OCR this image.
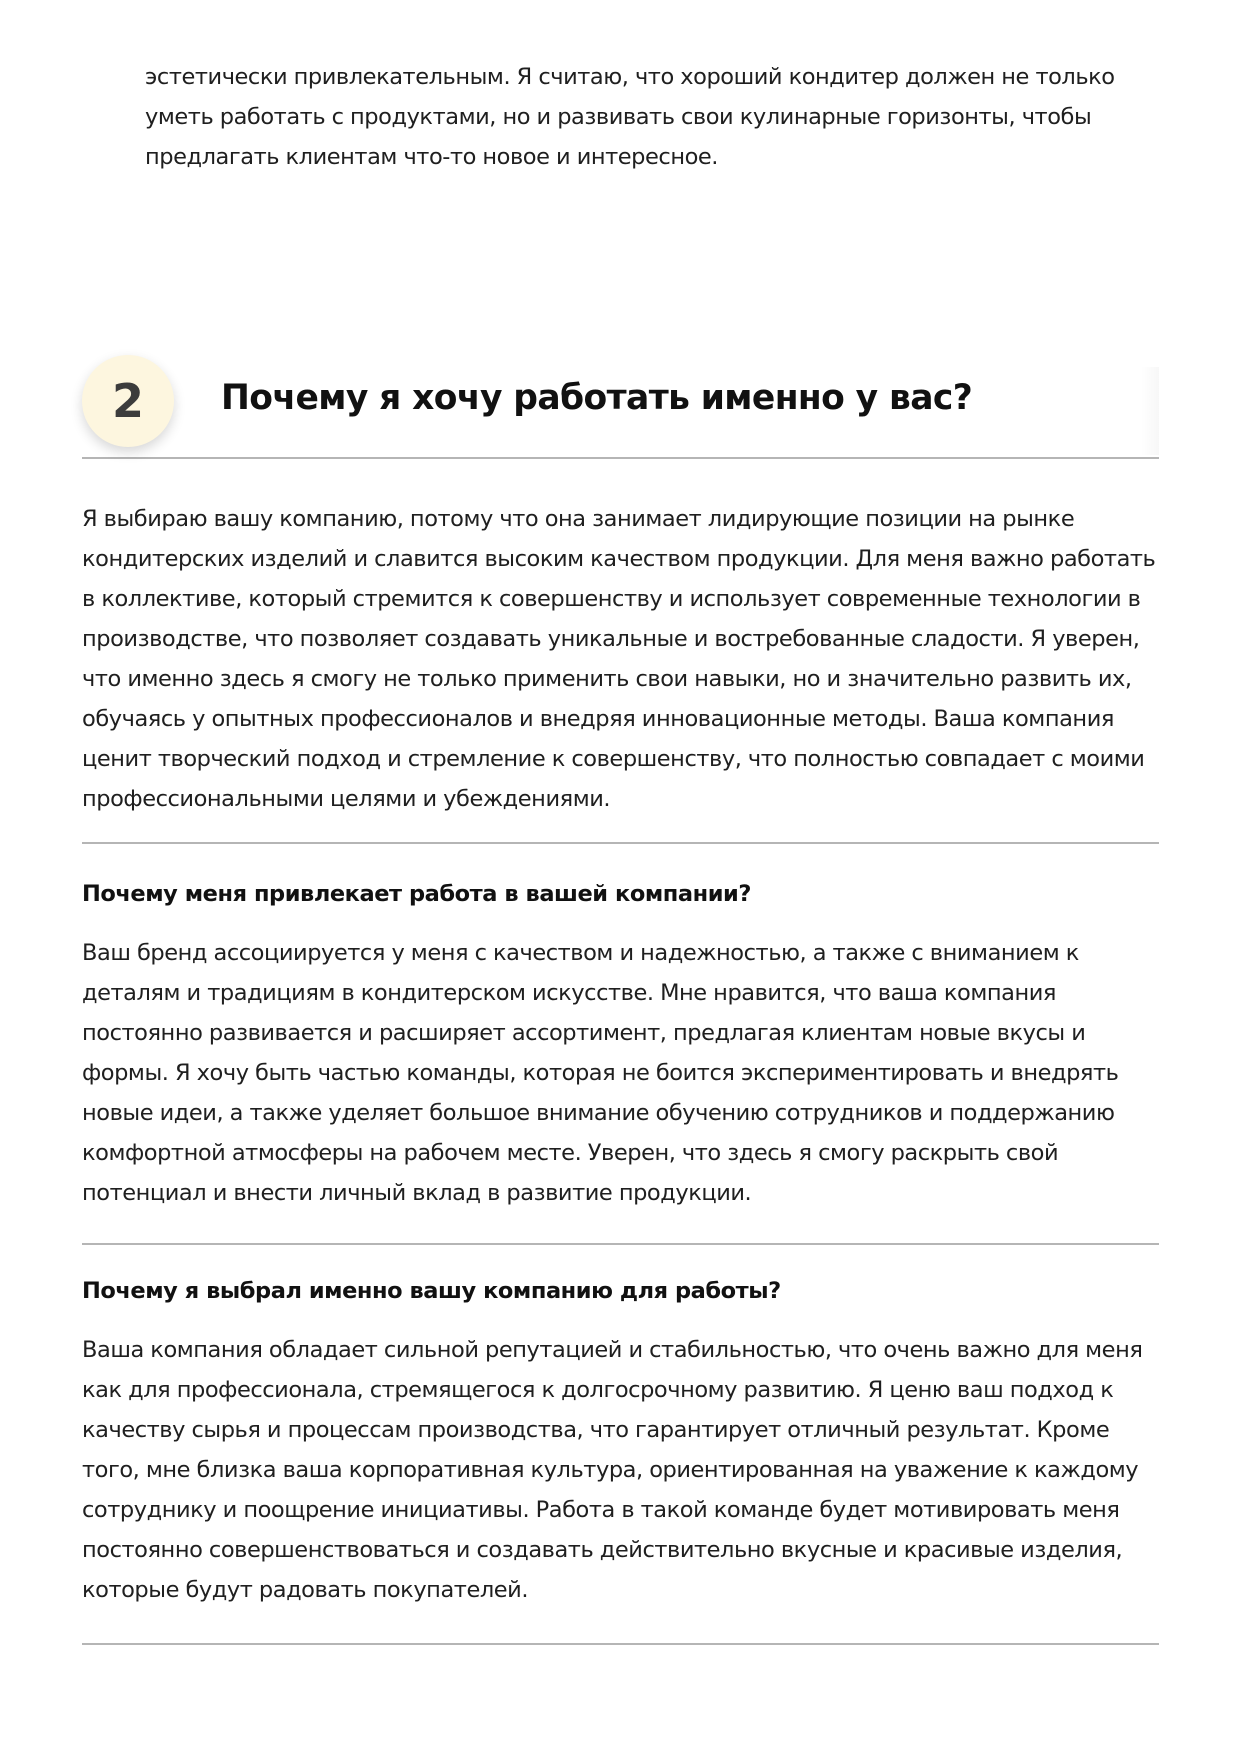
эстетически привлекательным. Я считаю, что хороший кондитер должен не только уметь работать с продуктами, но и развивать свои кулинарные горизонты, чтобы предлагать клиентам что-то новое и интересное.

2	Почему я хочу работать именно у вас?

Я выбираю вашу компанию, потому что она занимает лидирующие позиции на рынке кондитерских изделий и славится высоким качеством продукции. Для меня важно работать в коллективе, который стремится к совершенству и использует современные технологии в производстве, что позволяет создавать уникальные и востребованные сладости. Я уверен, что именно здесь я смогу не только применить свои навыки, но и значительно развить их, обучаясь у опытных профессионалов и внедряя инновационные методы. Ваша компания ценит творческий подход и стремление к совершенству, что полностью совпадает с моими профессиональными целями и убеждениями.

Почему меня привлекает работа в вашей компании?

Ваш бренд ассоциируется у меня с качеством и надежностью, а также с вниманием к деталям и традициям в кондитерском искусстве. Мне нравится, что ваша компания постоянно развивается и расширяет ассортимент, предлагая клиентам новые вкусы и формы. Я хочу быть частью команды, которая не боится экспериментировать и внедрять новые идеи, а также уделяет большое внимание обучению сотрудников и поддержанию комфортной атмосферы на рабочем месте. Уверен, что здесь я смогу раскрыть свой потенциал и внести личный вклад в развитие продукции.

Почему я выбрал именно вашу компанию для работы?

Ваша компания обладает сильной репутацией и стабильностью, что очень важно для меня как для профессионала, стремящегося к долгосрочному развитию. Я ценю ваш подход к качеству сырья и процессам производства, что гарантирует отличный результат. Кроме того, мне близка ваша корпоративная культура, ориентированная на уважение к каждому сотруднику и поощрение инициативы. Работа в такой команде будет мотивировать меня постоянно совершенствоваться и создавать действительно вкусные и красивые изделия, которые будут радовать покупателей.
